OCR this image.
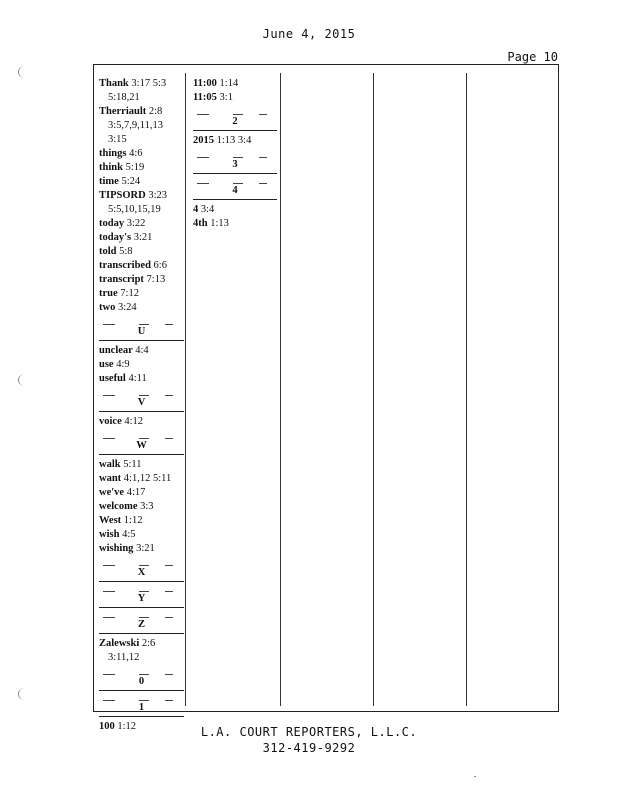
June 4, 2015
Page 10
Thank 3:17 5:3
5:18,21
Therriault 2:8
3:5,7,9,11,13
3:15
things 4:6
think 5:19
time 5:24
TIPSORD 3:23
5:5,10,15,19
today 3:22
today's 3:21
told 5:8
transcribed 6:6
transcript 7:13
true 7:12
two 3:24
U
unclear 4:4
use 4:9
useful 4:11
V
voice 4:12
W
walk 5:11
want 4:1,12 5:11
we've 4:17
welcome 3:3
West 1:12
wish 4:5
wishing 3:21
X
Y
Z
Zalewski 2:6
3:11,12
0
1
100 1:12
11:00 1:14
11:05 3:1
2
2015 1:13 3:4
3
4
4 3:4
4th 1:13
L.A. COURT REPORTERS, L.L.C.
312-419-9292
